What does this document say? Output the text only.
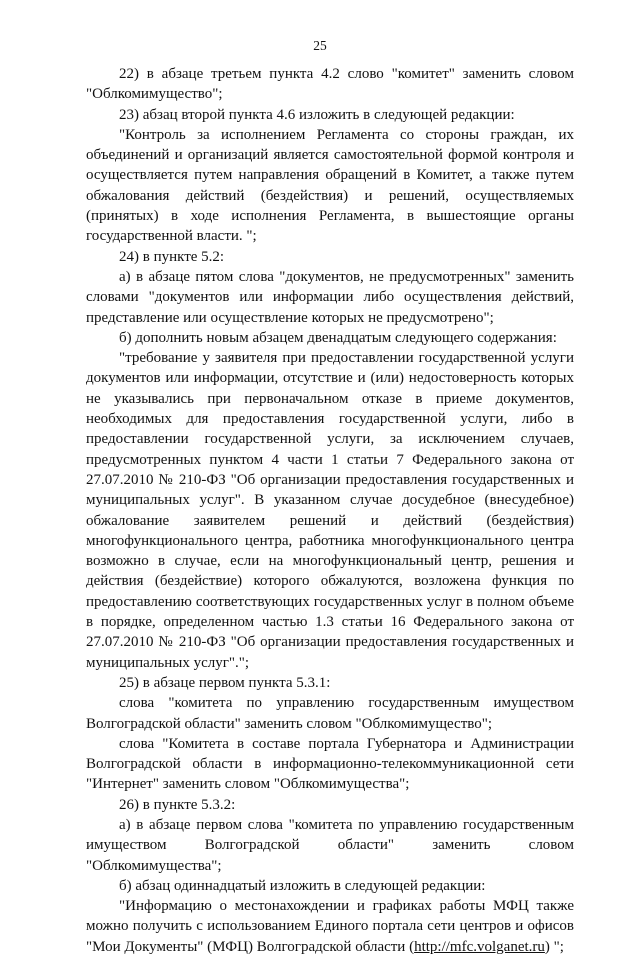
25

22) в абзаце третьем пункта 4.2 слово "комитет" заменить словом "Облкомимущество";

23) абзац второй пункта 4.6 изложить в следующей редакции:

"Контроль за исполнением Регламента со стороны граждан, их объединений и организаций является самостоятельной формой контроля и осуществляется путем направления обращений в Комитет, а также путем обжалования действий (бездействия) и решений, осуществляемых (принятых) в ходе исполнения Регламента, в вышестоящие органы государственной власти. ";

24) в пункте 5.2:

а) в абзаце пятом слова "документов, не предусмотренных" заменить словами "документов или информации либо осуществления действий, представление или осуществление которых не предусмотрено";

б) дополнить новым абзацем двенадцатым следующего содержания:

"требование у заявителя при предоставлении государственной услуги документов или информации, отсутствие и (или) недостоверность которых не указывались при первоначальном отказе в приеме документов, необходимых для предоставления государственной услуги, либо в предоставлении государственной услуги, за исключением случаев, предусмотренных пунктом 4 части 1 статьи 7 Федерального закона от 27.07.2010 № 210-ФЗ "Об организации предоставления государственных и муниципальных услуг". В указанном случае досудебное (внесудебное) обжалование заявителем решений и действий (бездействия) многофункционального центра, работника многофункционального центра возможно в случае, если на многофункциональный центр, решения и действия (бездействие) которого обжалуются, возложена функция по предоставлению соответствующих государственных услуг в полном объеме в порядке, определенном частью 1.3 статьи 16 Федерального закона от 27.07.2010 № 210-ФЗ "Об организации предоставления государственных и муниципальных услуг".";

25) в абзаце первом пункта 5.3.1:

слова "комитета по управлению государственным имуществом Волгоградской области" заменить словом "Облкомимущество";

слова "Комитета в составе портала Губернатора и Администрации Волгоградской области в информационно-телекоммуникационной сети "Интернет" заменить словом "Облкомимущества";

26) в пункте 5.3.2:

а) в абзаце первом слова "комитета по управлению государственным имуществом Волгоградской области" заменить словом "Облкомимущества";

б) абзац одиннадцатый изложить в следующей редакции:

"Информацию о местонахождении и графиках работы МФЦ также можно получить с использованием Единого портала сети центров и офисов "Мои Документы" (МФЦ) Волгоградской области (http://mfc.volganet.ru) ";
